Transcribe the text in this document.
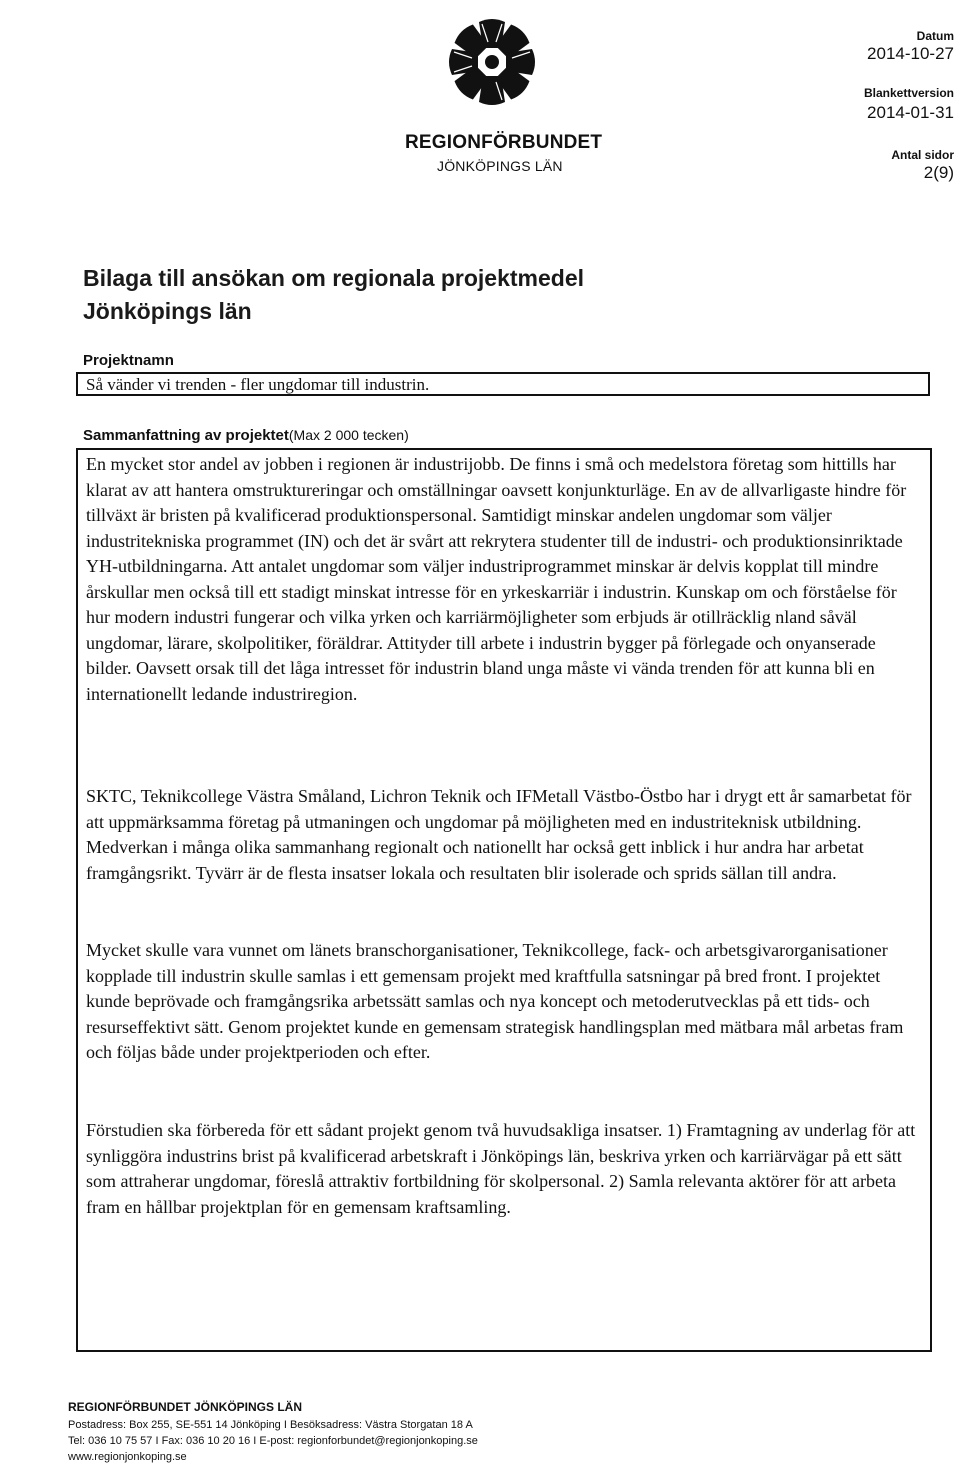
REGIONFÖRBUNDET
JÖNKÖPINGS LÄN
Datum
2014-10-27
Blankettversion
2014-01-31
Antal sidor
2(9)
Bilaga till ansökan om regionala projektmedel
Jönköpings län
Projektnamn
Så vänder vi trenden - fler ungdomar till industrin.
Sammanfattning av projektet(Max 2 000 tecken)

En mycket stor andel av jobben i regionen är industrijobb. De finns i små och medelstora företag som hittills har klarat av att hantera omstruktureringar och omställningar oavsett konjunkturläge. En av de allvarligaste hindre för tillväxt är bristen på kvalificerad produktionspersonal. Samtidigt minskar andelen ungdomar som väljer industritekniska programmet (IN) och det är svårt att rekrytera studenter till de industri- och produktionsinriktade YH-utbildningarna. Att antalet ungdomar som väljer industriprogrammet minskar är delvis kopplat till mindre årskullar men också till ett stadigt minskat intresse för en yrkeskarriär i industrin. Kunskap om och förståelse för hur modern industri fungerar och vilka yrken och karriärmöjligheter som erbjuds är otillräcklig nland såväl ungdomar, lärare, skolpolitiker, föräldrar. Attityder till arbete i industrin bygger på förlegade och onyanserade bilder. Oavsett orsak till det låga intresset för industrin bland unga måste vi vända trenden för att kunna bli en internationellt ledande industriregion.

SKTC, Teknikcollege Västra Småland, Lichron Teknik och IFMetall Västbo-Östbo har i drygt ett år samarbetat för att uppmärksamma företag på utmaningen och ungdomar på möjligheten med en industriteknisk utbildning. Medverkan i många olika sammanhang regionalt och nationellt har också gett inblick i hur andra har arbetat framgångsrikt. Tyvärr är de flesta insatser lokala och resultaten blir isolerade och sprids sällan till andra.

Mycket skulle vara vunnet om länets branschorganisationer, Teknikcollege, fack- och arbetsgivarorganisationer kopplade till industrin skulle samlas i ett gemensam projekt med kraftfulla satsningar på bred front. I projektet kunde beprövade och framgångsrika arbetssätt samlas och nya koncept och metoderutvecklas på ett tids- och resurseffektivt sätt. Genom projektet kunde en gemensam strategisk handlingsplan med mätbara mål arbetas fram och följas både under projektperioden och efter.

Förstudien ska förbereda för ett sådant projekt genom två huvudsakliga insatser. 1) Framtagning av underlag för att synliggöra industrins brist på kvalificerad arbetskraft i Jönköpings län, beskriva yrken och karriärvägar på ett sätt som attraherar ungdomar, föreslå attraktiv fortbildning för skolpersonal. 2) Samla relevanta aktörer för att arbeta fram en hållbar projektplan för en gemensam kraftsamling.

REGIONFÖRBUNDET JÖNKÖPINGS LÄN
Postadress: Box 255, SE-551 14 Jönköping I Besöksadress: Västra Storgatan 18 A
Tel: 036 10 75 57 I Fax: 036 10 20 16 I E-post: regionforbundet@regionjonkoping.se
www.regionjonkoping.se
